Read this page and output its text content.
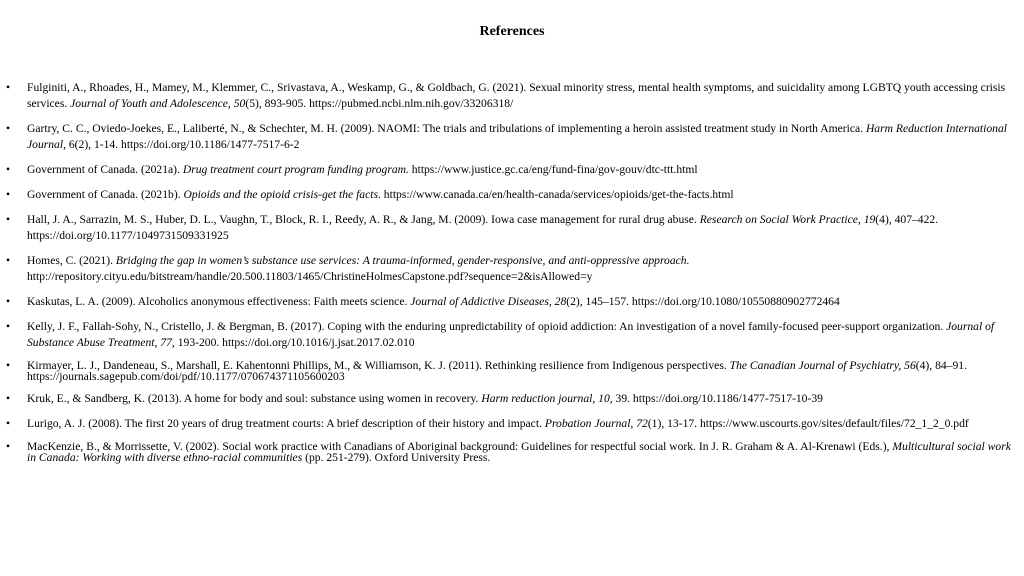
References
• Fulginiti, A., Rhoades, H., Mamey, M., Klemmer, C., Srivastava, A., Weskamp, G., & Goldbach, G. (2021). Sexual minority stress, mental health symptoms, and suicidality among LGBTQ youth accessing crisis services. Journal of Youth and Adolescence, 50(5), 893-905. https://pubmed.ncbi.nlm.nih.gov/33206318/
• Gartry, C. C., Oviedo-Joekes, E., Laliberté, N., & Schechter, M. H. (2009). NAOMI: The trials and tribulations of implementing a heroin assisted treatment study in North America. Harm Reduction International Journal, 6(2), 1-14. https://doi.org/10.1186/1477-7517-6-2
• Government of Canada. (2021a). Drug treatment court program funding program. https://www.justice.gc.ca/eng/fund-fina/gov-gouv/dtc-ttt.html
• Government of Canada. (2021b). Opioids and the opioid crisis-get the facts. https://www.canada.ca/en/health-canada/services/opioids/get-the-facts.html
• Hall, J. A., Sarrazin, M. S., Huber, D. L., Vaughn, T., Block, R. I., Reedy, A. R., & Jang, M. (2009). Iowa case management for rural drug abuse. Research on Social Work Practice, 19(4), 407–422. https://doi.org/10.1177/1049731509331925
• Homes, C. (2021). Bridging the gap in women’s substance use services: A trauma-informed, gender-responsive, and anti-oppressive approach. http://repository.cityu.edu/bitstream/handle/20.500.11803/1465/ChristineHolmesCapstone.pdf?sequence=2&isAllowed=y
• Kaskutas, L. A. (2009). Alcoholics anonymous effectiveness: Faith meets science. Journal of Addictive Diseases, 28(2), 145–157. https://doi.org/10.1080/10550880902772464
• Kelly, J. F., Fallah-Sohy, N., Cristello, J. & Bergman, B. (2017). Coping with the enduring unpredictability of opioid addiction: An investigation of a novel family-focused peer-support organization. Journal of Substance Abuse Treatment, 77, 193-200. https://doi.org/10.1016/j.jsat.2017.02.010
• Kirmayer, L. J., Dandeneau, S., Marshall, E. Kahentonni Phillips, M., & Williamson, K. J. (2011). Rethinking resilience from Indigenous perspectives. The Canadian Journal of Psychiatry, 56(4), 84–91. https://journals.sagepub.com/doi/pdf/10.1177/070674371105600203
• Kruk, E., & Sandberg, K. (2013). A home for body and soul: substance using women in recovery. Harm reduction journal, 10, 39. https://doi.org/10.1186/1477-7517-10-39
• Lurigo, A. J. (2008). The first 20 years of drug treatment courts: A brief description of their history and impact. Probation Journal, 72(1), 13-17. https://www.uscourts.gov/sites/default/files/72_1_2_0.pdf
• MacKenzie, B., & Morrissette, V. (2002). Social work practice with Canadians of Aboriginal background: Guidelines for respectful social work. In J. R. Graham & A. Al-Krenawi (Eds.), Multicultural social work in Canada: Working with diverse ethno-racial communities (pp. 251-279). Oxford University Press.
